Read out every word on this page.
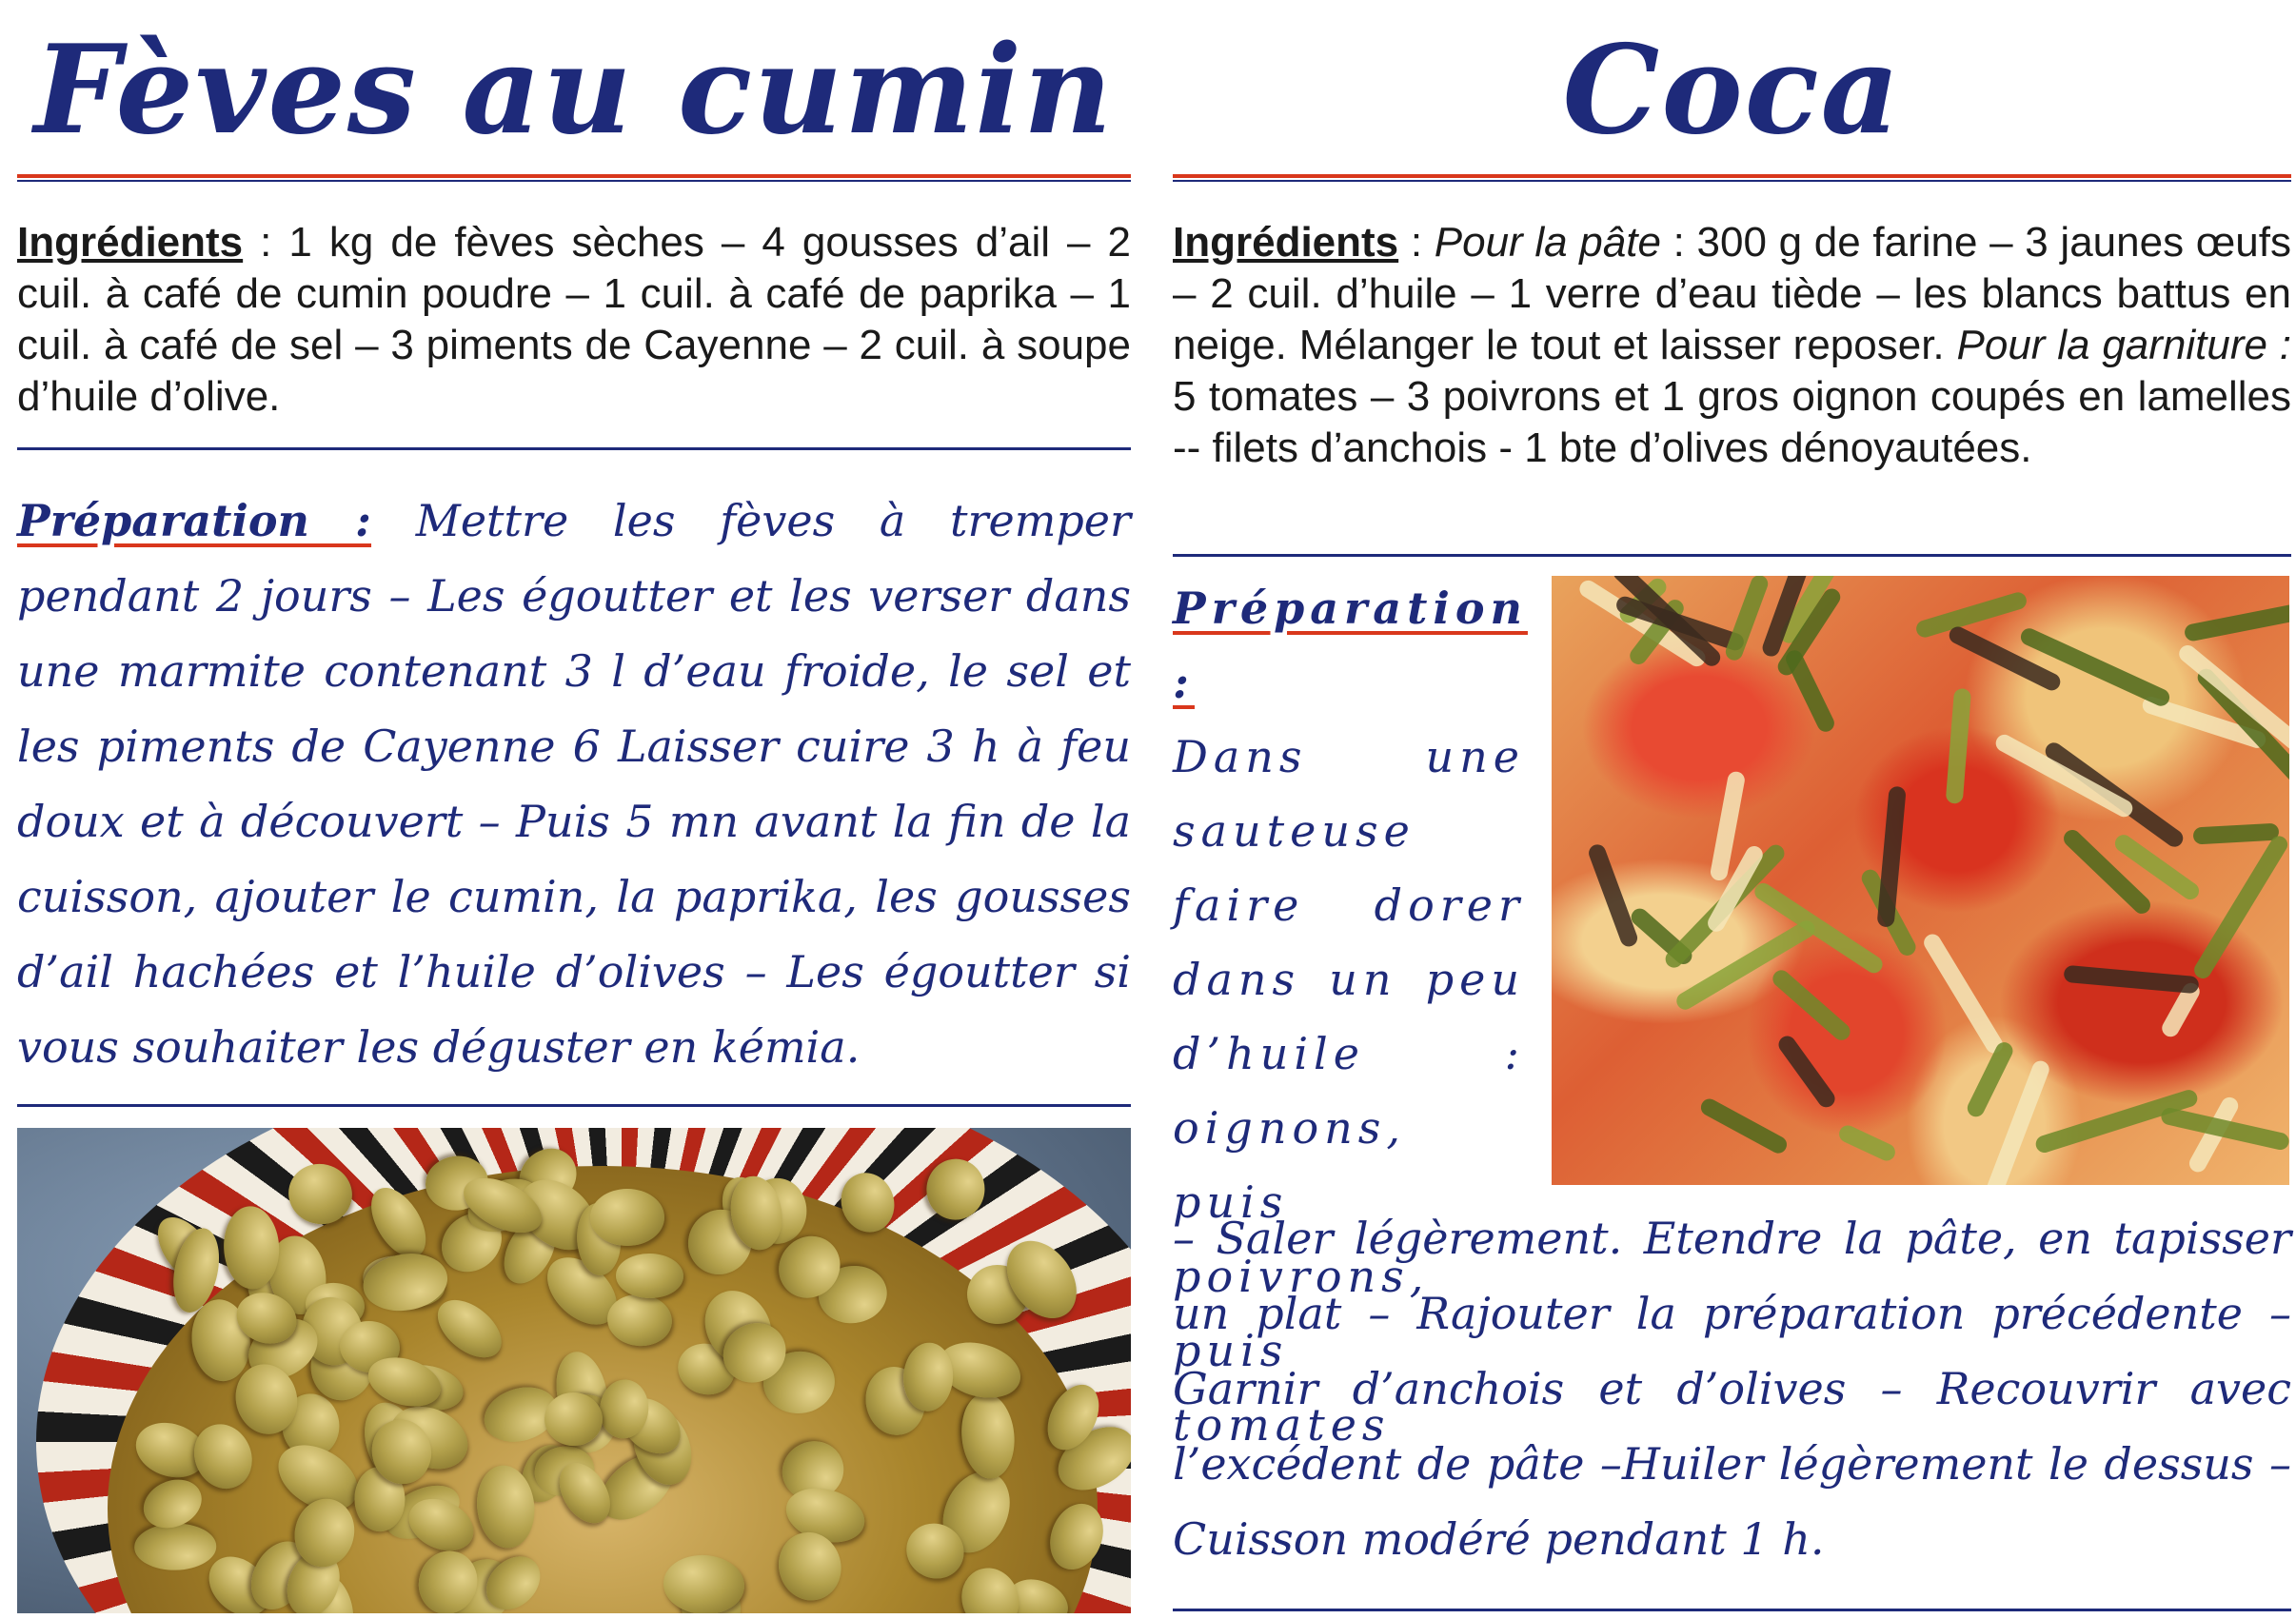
Fèves au cumin
Ingrédients : 1 kg de fèves sèches – 4 gousses d’ail – 2 cuil. à café de cumin poudre – 1 cuil. à café de paprika – 1 cuil. à café de sel – 3 piments de Cayenne – 2 cuil. à soupe d’huile d’olive.
Préparation : Mettre les fèves à tremper pendant 2 jours – Les égoutter et les verser dans une marmite contenant 3 l d’eau froide, le sel et les piments de Cayenne 6 Laisser cuire 3 h à feu doux et à découvert – Puis 5 mn avant la fin de la cuisson, ajouter le cumin, la paprika, les gousses d’ail hachées et l’huile d’olives – Les égoutter si vous souhaiter les déguster en kémia.
Coca
Ingrédients : Pour la pâte : 300 g de farine – 3 jaunes œufs – 2 cuil. d’huile – 1 verre d’eau tiède – les blancs battus en neige. Mélanger le tout et laisser reposer. Pour la garniture : 5 tomates – 3 poivrons et 1 gros oignon coupés en lamelles -- filets d’anchois - 1 bte d’olives dénoyautées.
Préparation :
Dans une sauteuse faire dorer dans un peu d’huile : oignons, puis poivrons, puis tomates
– Saler légèrement. Etendre la pâte, en tapisser un plat – Rajouter la préparation précédente – Garnir d’anchois et d’olives – Recouvrir avec l’excédent de pâte –Huiler légèrement le dessus – Cuisson modéré pendant 1 h.
